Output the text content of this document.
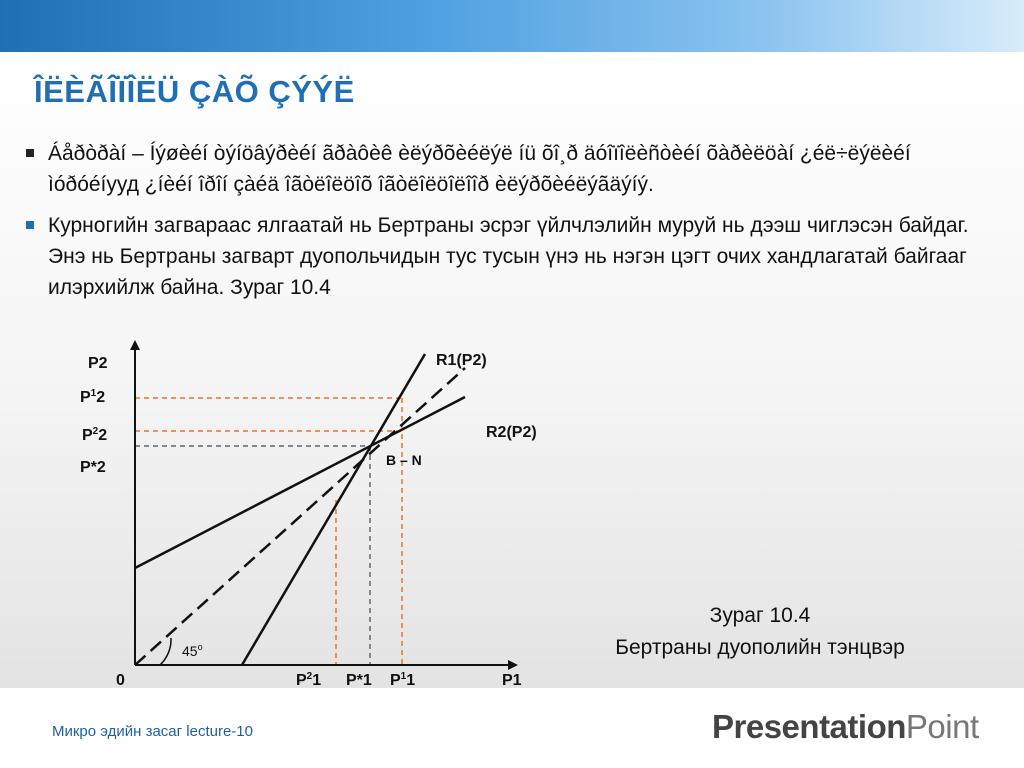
ÎËÈÃÎÏÎËÜ ÇÀÕ ÇÝÝË
Áåðòðàí – Íýøèéí òýíöâýðèéí ãðàôèê èëýðõèéëýë íü õî¸ð äóîïîëèñòèéí õàðèëöàí ¿éë÷ëýëèéí ìóðóéíууд ¿íèéí îðîí çàéä îãòëîëöîõ îãòëîëöîëîîð èëýðõèéëýãäýíý.
Курногийн загвараас ялгаатай нь Бертраны эсрэг үйлчлэлийн муруй нь дээш чиглэсэн байдаг. Энэ нь Бертраны загварт дуопольчидын тус тусын үнэ нь нэгэн цэгт очих хандлагатай байгааг илэрхийлж байна. Зураг 10.4
P2
P1
0
$P^12$
$P^22$
P*2
$P^21$ P*1 $P^11$
R1(P2)
R2(P2)
B – N
45$^o$
Зураг 10.4
Бертраны дуополийн тэнцвэр
Микро эдийн засаг lecture-10	PresentationPoint
